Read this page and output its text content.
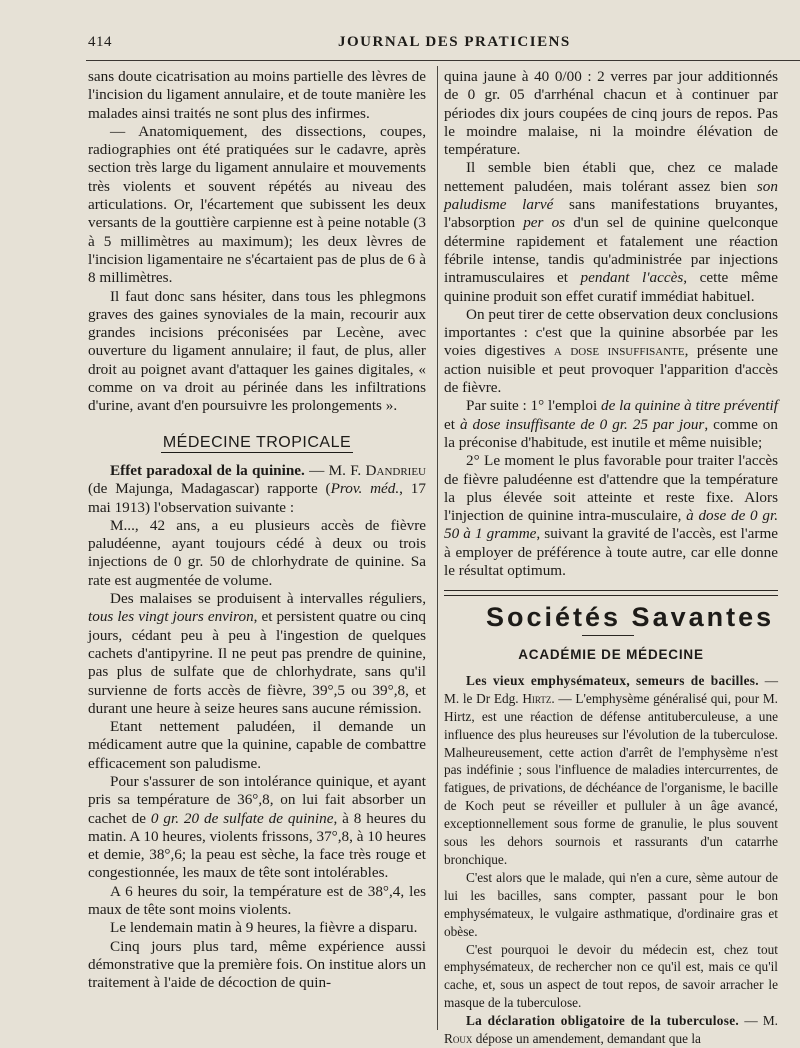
414	JOURNAL DES PRATICIENS

sans doute cicatrisation au moins partielle des lèvres de l'incision du ligament annulaire, et de toute manière les malades ainsi traités ne sont plus des infirmes.

— Anatomiquement, des dissections, coupes, radiographies ont été pratiquées sur le cadavre, après section très large du ligament annulaire et mouvements très violents et souvent répétés au niveau des articulations. Or, l'écartement que subissent les deux versants de la gouttière carpienne est à peine notable (3 à 5 millimètres au maximum); les deux lèvres de l'incision ligamentaire ne s'écartaient pas de plus de 6 à 8 millimètres.

Il faut donc sans hésiter, dans tous les phlegmons graves des gaines synoviales de la main, recourir aux grandes incisions préconisées par Lecène, avec ouverture du ligament annulaire; il faut, de plus, aller droit au poignet avant d'attaquer les gaines digitales, « comme on va droit au périnée dans les infiltrations d'urine, avant d'en poursuivre les prolongements ».

MÉDECINE TROPICALE

Effet paradoxal de la quinine. — M. F. Dandrieu (de Majunga, Madagascar) rapporte (Prov. méd., 17 mai 1913) l'observation suivante :

M..., 42 ans, a eu plusieurs accès de fièvre paludéenne, ayant toujours cédé à deux ou trois injections de 0 gr. 50 de chlorhydrate de quinine. Sa rate est augmentée de volume.

Des malaises se produisent à intervalles réguliers, tous les vingt jours environ, et persistent quatre ou cinq jours, cédant peu à peu à l'ingestion de quelques cachets d'antipyrine. Il ne peut pas prendre de quinine, pas plus de sulfate que de chlorhydrate, sans qu'il survienne de forts accès de fièvre, 39°,5 ou 39°,8, et durant une heure à seize heures sans aucune rémission.

Etant nettement paludéen, il demande un médicament autre que la quinine, capable de combattre efficacement son paludisme.

Pour s'assurer de son intolérance quinique, et ayant pris sa température de 36°,8, on lui fait absorber un cachet de 0 gr. 20 de sulfate de quinine, à 8 heures du matin. A 10 heures, violents frissons, 37°,8, à 10 heures et demie, 38°,6; la peau est sèche, la face très rouge et congestionnée, les maux de tête sont intolérables.

A 6 heures du soir, la température est de 38°,4, les maux de tête sont moins violents.

Le lendemain matin à 9 heures, la fièvre a disparu.

Cinq jours plus tard, même expérience aussi démonstrative que la première fois. On institue alors un traitement à l'aide de décoction de quin-

quina jaune à 40 0/00 : 2 verres par jour additionnés de 0 gr. 05 d'arrhénal chacun et à continuer par périodes dix jours coupées de cinq jours de repos. Pas le moindre malaise, ni la moindre élévation de température.

Il semble bien établi que, chez ce malade nettement paludéen, mais tolérant assez bien son paludisme larvé sans manifestations bruyantes, l'absorption per os d'un sel de quinine quelconque détermine rapidement et fatalement une réaction fébrile intense, tandis qu'administrée par injections intramusculaires et pendant l'accès, cette même quinine produit son effet curatif immédiat habituel.

On peut tirer de cette observation deux conclusions importantes : c'est que la quinine absorbée par les voies digestives a dose insuffisante, présente une action nuisible et peut provoquer l'apparition d'accès de fièvre.

Par suite : 1° l'emploi de la quinine à titre préventif et à dose insuffisante de 0 gr. 25 par jour, comme on la préconise d'habitude, est inutile et même nuisible;

2° Le moment le plus favorable pour traiter l'accès de fièvre paludéenne est d'attendre que la température la plus élevée soit atteinte et reste fixe. Alors l'injection de quinine intra-musculaire, à dose de 0 gr. 50 à 1 gramme, suivant la gravité de l'accès, est l'arme à employer de préférence à toute autre, car elle donne le résultat optimum.

Sociétés Savantes
ACADÉMIE DE MÉDECINE

Les vieux emphysémateux, semeurs de bacilles. — M. le Dr Edg. Hirtz. — L'emphysème généralisé qui, pour M. Hirtz, est une réaction de défense antituberculeuse, a une influence des plus heureuses sur l'évolution de la tuberculose. Malheureusement, cette action d'arrêt de l'emphysème n'est pas indéfinie ; sous l'influence de maladies intercurrentes, de fatigues, de privations, de déchéance de l'organisme, le bacille de Koch peut se réveiller et pulluler à un âge avancé, exceptionnellement sous forme de granulie, le plus souvent sous les dehors sournois et rassurants d'un catarrhe bronchique.

C'est alors que le malade, qui n'en a cure, sème autour de lui les bacilles, sans compter, passant pour le bon emphysémateux, le vulgaire asthmatique, d'ordinaire gras et obèse.

C'est pourquoi le devoir du médecin est, chez tout emphysémateux, de rechercher non ce qu'il est, mais ce qu'il cache, et, sous un aspect de tout repos, de savoir arracher le masque de la tuberculose.

La déclaration obligatoire de la tuberculose. — M. Roux dépose un amendement, demandant que la
